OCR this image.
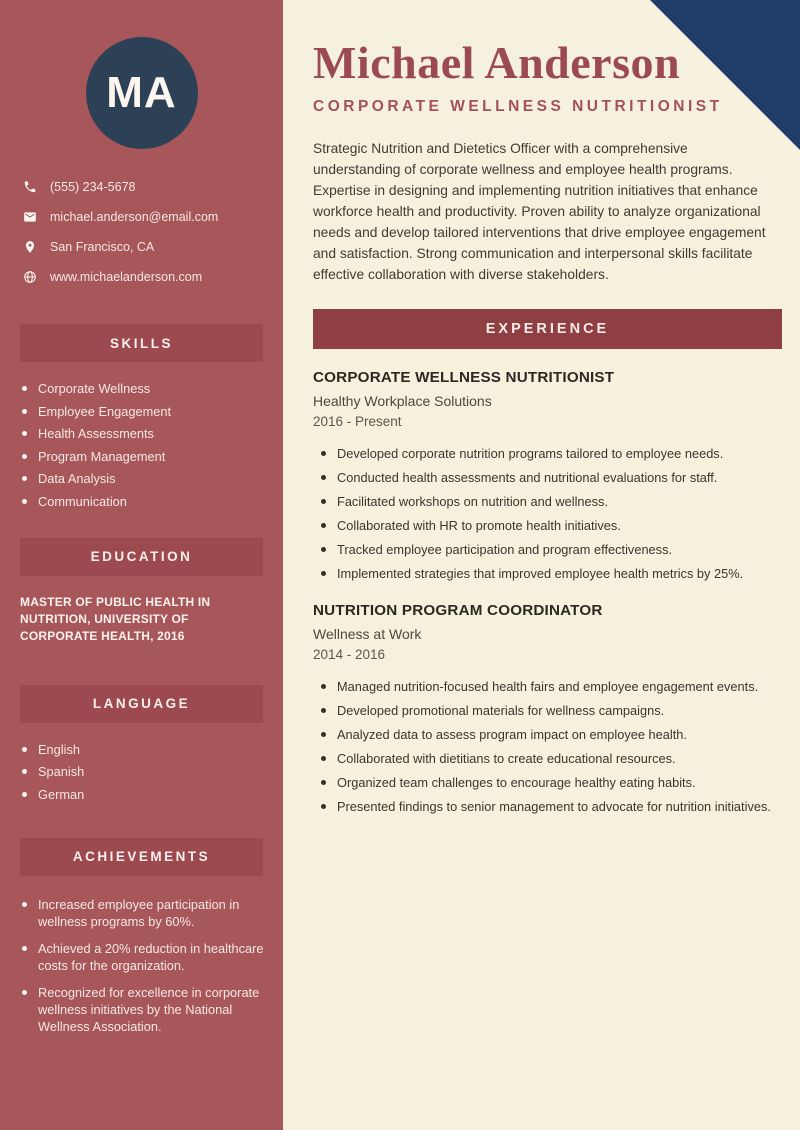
MA
(555) 234-5678
michael.anderson@email.com
San Francisco, CA
www.michaelanderson.com
SKILLS
Corporate Wellness
Employee Engagement
Health Assessments
Program Management
Data Analysis
Communication
EDUCATION

MASTER OF PUBLIC HEALTH IN NUTRITION, UNIVERSITY OF CORPORATE HEALTH, 2016

LANGUAGE
English
Spanish
German
ACHIEVEMENTS
Increased employee participation in wellness programs by 60%.
Achieved a 20% reduction in healthcare costs for the organization.
Recognized for excellence in corporate wellness initiatives by the National Wellness Association.
Michael Anderson
CORPORATE WELLNESS NUTRITIONIST

Strategic Nutrition and Dietetics Officer with a comprehensive understanding of corporate wellness and employee health programs. Expertise in designing and implementing nutrition initiatives that enhance workforce health and productivity. Proven ability to analyze organizational needs and develop tailored interventions that drive employee engagement and satisfaction. Strong communication and interpersonal skills facilitate effective collaboration with diverse stakeholders.

EXPERIENCE
CORPORATE WELLNESS NUTRITIONIST
Healthy Workplace Solutions
2016 - Present
Developed corporate nutrition programs tailored to employee needs.
Conducted health assessments and nutritional evaluations for staff.
Facilitated workshops on nutrition and wellness.
Collaborated with HR to promote health initiatives.
Tracked employee participation and program effectiveness.
Implemented strategies that improved employee health metrics by 25%.
NUTRITION PROGRAM COORDINATOR
Wellness at Work
2014 - 2016
Managed nutrition-focused health fairs and employee engagement events.
Developed promotional materials for wellness campaigns.
Analyzed data to assess program impact on employee health.
Collaborated with dietitians to create educational resources.
Organized team challenges to encourage healthy eating habits.
Presented findings to senior management to advocate for nutrition initiatives.
